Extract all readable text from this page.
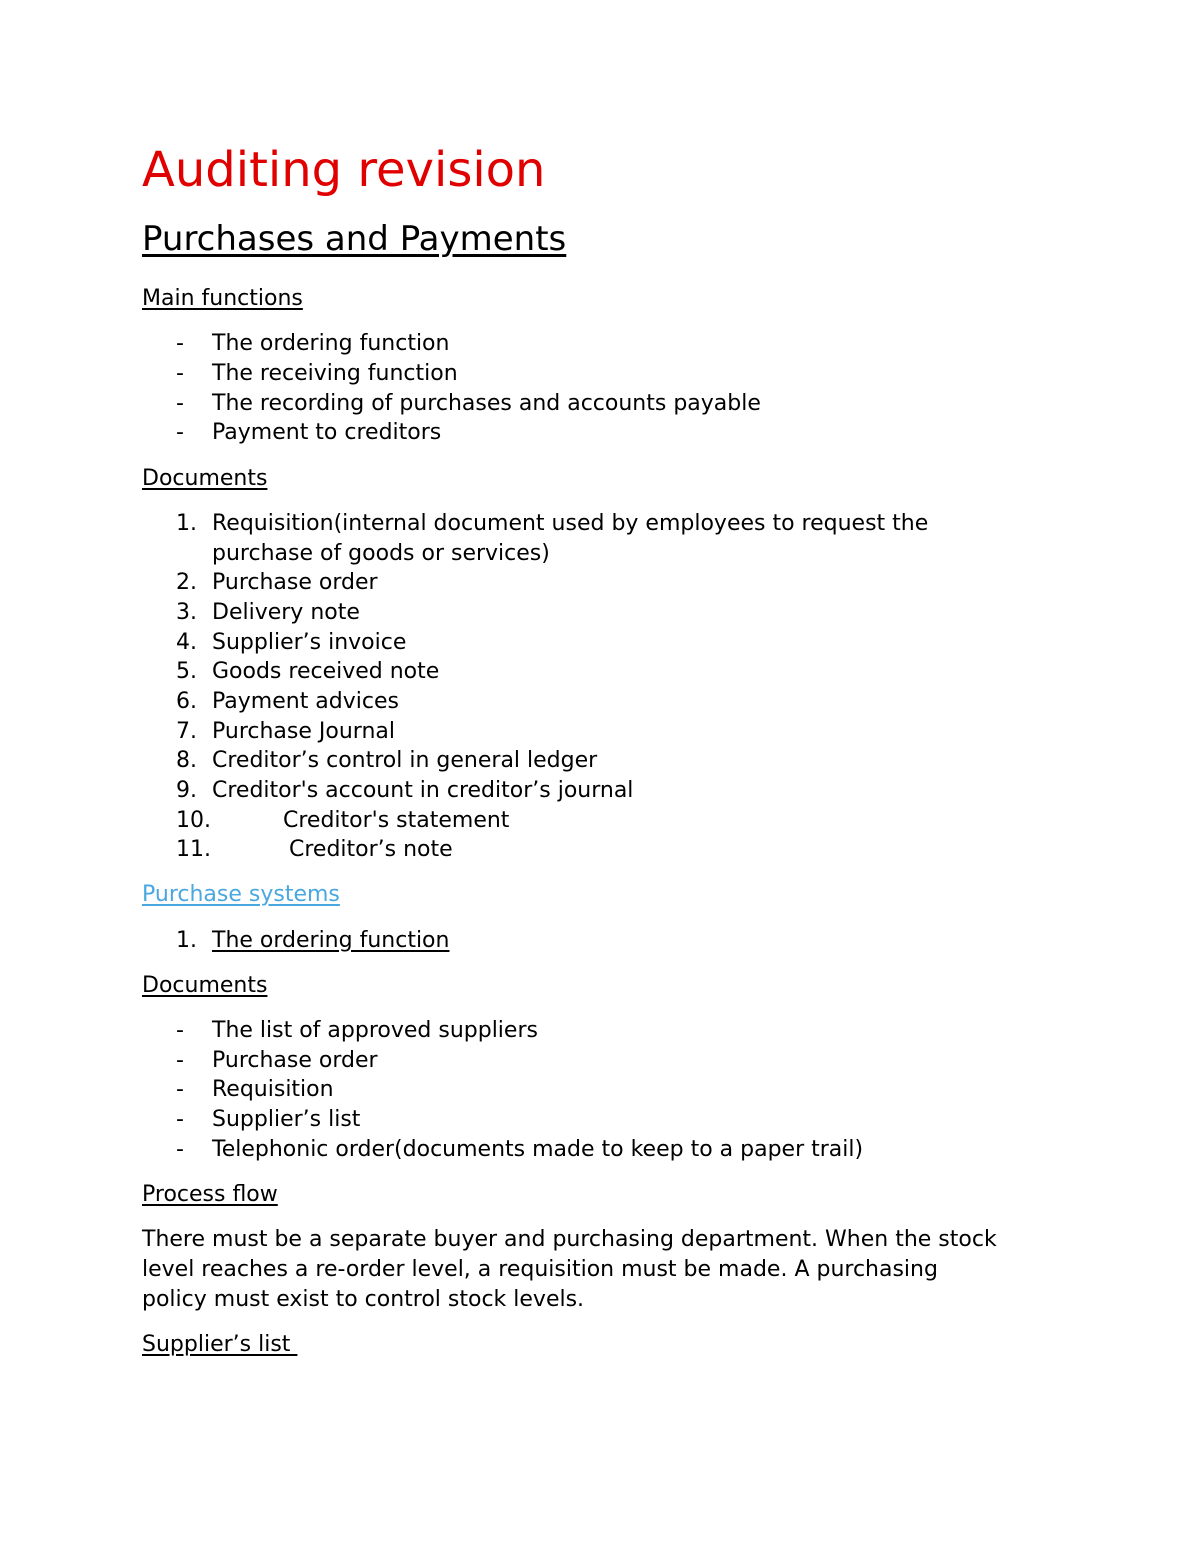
Auditing revision
Purchases and Payments
Main functions
-	The ordering function
-	The receiving function
-	The recording of purchases and accounts payable
-	Payment to creditors
Documents
1. Requisition(internal document used by employees to request the
purchase of goods or services)
2. Purchase order
3. Delivery note
4. Supplier’s invoice
5. Goods received note
6. Payment advices
7. Purchase Journal
8. Creditor’s control in general ledger
9. Creditor's account in creditor’s journal
10.	Creditor's statement
11.	Creditor’s note
Purchase systems
1. The ordering function
Documents
-	The list of approved suppliers
-	Purchase order
-	Requisition
-	Supplier’s list
-	Telephonic order(documents made to keep to a paper trail)
Process flow
There must be a separate buyer and purchasing department. When the stock
level reaches a re-order level, a requisition must be made. A purchasing
policy must exist to control stock levels.
Supplier’s list
